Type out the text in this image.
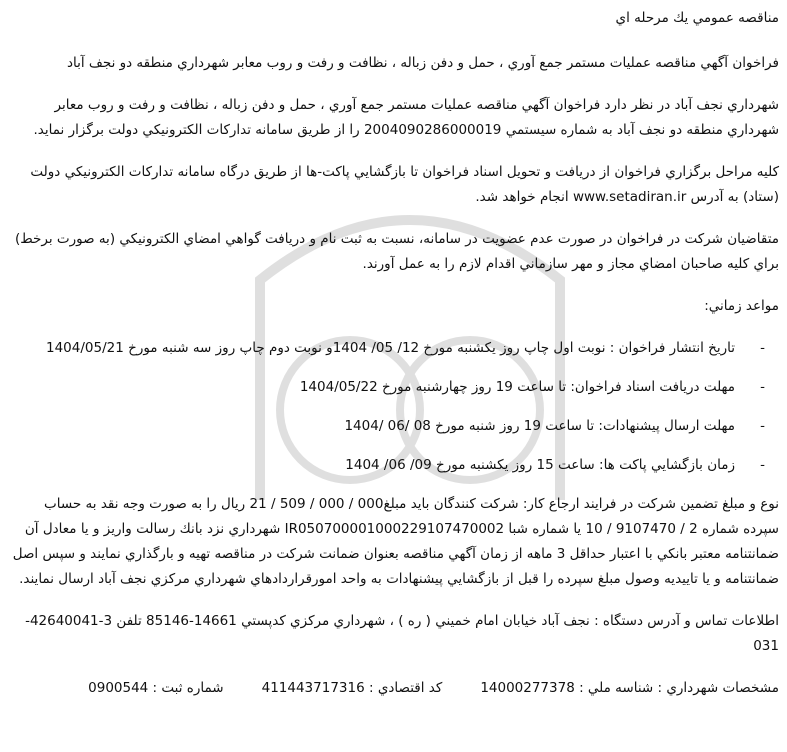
مناقصه عمومي يك مرحله اي

فراخوان آگهي مناقصه عمليات مستمر جمع آوري ، حمل و دفن زباله ، نظافت و رفت و روب معابر شهرداري منطقه دو نجف آباد

شهرداري نجف آباد در نظر دارد فراخوان آگهي مناقصه عمليات مستمر جمع آوري ، حمل و دفن زباله ، نظافت و رفت و روب معابر شهرداري منطقه دو نجف آباد به شماره سيستمي 2004090286000019 را از طريق سامانه تداركات الكترونيكي دولت برگزار نمايد.

كليه مراحل برگزاري فراخوان از دريافت و تحويل اسناد فراخوان تا بازگشايي پاكت-ها از طريق درگاه سامانه تداركات الكترونيكي دولت (ستاد) به آدرس www.setadiran.ir انجام خواهد شد.

متقاضيان شركت در فراخوان در صورت عدم عضويت در سامانه، نسبت به ثبت نام و دريافت گواهي امضاي الكترونيكي (به صورت برخط) براي كليه صاحبان امضاي مجاز و مهر سازماني اقدام لازم را به عمل آورند.

مواعد زماني:

-
تاريخ انتشار فراخوان : نوبت اول چاپ روز يكشنبه مورخ 12/ 05/ 1404و نوبت دوم چاپ روز سه شنبه مورخ 1404/05/21

-
مهلت دريافت اسناد فراخوان: تا ساعت 19 روز چهارشنبه مورخ 1404/05/22

-
مهلت ارسال پيشنهادات: تا ساعت 19 روز شنبه مورخ 08 /06 /1404

-
زمان بازگشايي پاكت ها: ساعت 15 روز يكشنبه مورخ 09/ 06/ 1404

نوع و مبلغ تضمين شركت در فرايند ارجاع كار: شركت كنندگان بايد مبلغ000 / 000 / 509 / 21 ريال را به صورت وجه نقد به حساب سپرده شماره 2 / 9107470 / 10 يا شماره شبا IR050700001000229107470002 شهرداري نزد بانك رسالت واريز و يا معادل آن ضمانتنامه معتبر بانكي با اعتبار حداقل 3 ماهه از زمان آگهي مناقصه بعنوان ضمانت شركت در مناقصه تهيه و بارگذاري نمايند و سپس اصل ضمانتنامه و يا تاييديه وصول مبلغ سپرده را قبل از بازگشايي پيشنهادات به واحد امورقراردادهاي شهرداري مركزي نجف آباد ارسال نمايند.

اطلاعات تماس و آدرس دستگاه : نجف آباد خيابان امام خميني ( ره ) ، شهرداري مركزي كدپستي 14661-85146 تلفن 3-42640041-031

مشخصات شهرداري : شناسه ملي : 14000277378كد اقتصادي : 411443717316شماره ثبت : 0900544
